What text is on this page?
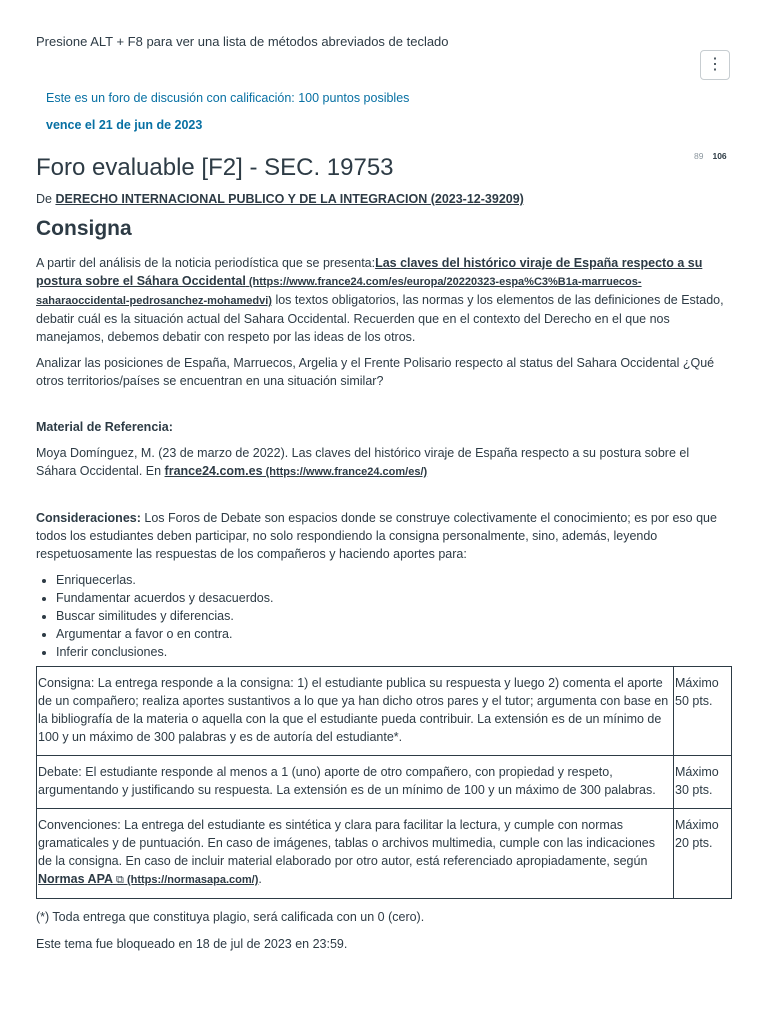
Presione ALT + F8 para ver una lista de métodos abreviados de teclado
⋮
Este es un foro de discusión con calificación: 100 puntos posibles
vence el 21 de jun de 2023
89 106
Foro evaluable [F2] - SEC. 19753
De DERECHO INTERNACIONAL PUBLICO Y DE LA INTEGRACION (2023-12-39209)
Consigna

A partir del análisis de la noticia periodística que se presenta:Las claves del histórico viraje de España respecto a su postura sobre el Sáhara Occidental (https://www.france24.com/es/europa/20220323-espa%C3%B1a-marruecos-saharaoccidental-pedrosanchez-mohamedvi) los textos obligatorios, las normas y los elementos de las definiciones de Estado, debatir cuál es la situación actual del Sahara Occidental. Recuerden que en el contexto del Derecho en el que nos manejamos, debemos debatir con respeto por las ideas de los otros.

Analizar las posiciones de España, Marruecos, Argelia y el Frente Polisario respecto al status del Sahara Occidental ¿Qué otros territorios/países se encuentran en una situación similar?

Material de Referencia:

Moya Domínguez, M. (23 de marzo de 2022). Las claves del histórico viraje de España respecto a su postura sobre el Sáhara Occidental. En france24.com.es (https://www.france24.com/es/)

Consideraciones: Los Foros de Debate son espacios donde se construye colectivamente el conocimiento; es por eso que todos los estudiantes deben participar, no solo respondiendo la consigna personalmente, sino, además, leyendo respetuosamente las respuestas de los compañeros y haciendo aportes para:

• Enriquecerlas.
• Fundamentar acuerdos y desacuerdos.
• Buscar similitudes y diferencias.
• Argumentar a favor o en contra.
• Inferir conclusiones.
Consigna: La entrega responde a la consigna: 1) el estudiante publica su respuesta y luego 2) comenta el aporte de un compañero; realiza aportes sustantivos a lo que ya han dicho otros pares y el tutor; argumenta con base en la bibliografía de la materia o aquella con la que el estudiante pueda contribuir. La extensión es de un mínimo de 100 y un máximo de 300 palabras y es de autoría del estudiante*.	Máximo 50 pts.
Debate: El estudiante responde al menos a 1 (uno) aporte de otro compañero, con propiedad y respeto, argumentando y justificando su respuesta. La extensión es de un mínimo de 100 y un máximo de 300 palabras.	Máximo 30 pts.
Convenciones: La entrega del estudiante es sintética y clara para facilitar la lectura, y cumple con normas gramaticales y de puntuación. En caso de imágenes, tablas o archivos multimedia, cumple con las indicaciones de la consigna. En caso de incluir material elaborado por otro autor, está referenciado apropiadamente, según Normas APA ⧉ (https://normasapa.com/).	Máximo 20 pts.

(*) Toda entrega que constituya plagio, será calificada con un 0 (cero).

Este tema fue bloqueado en 18 de jul de 2023 en 23:59.
